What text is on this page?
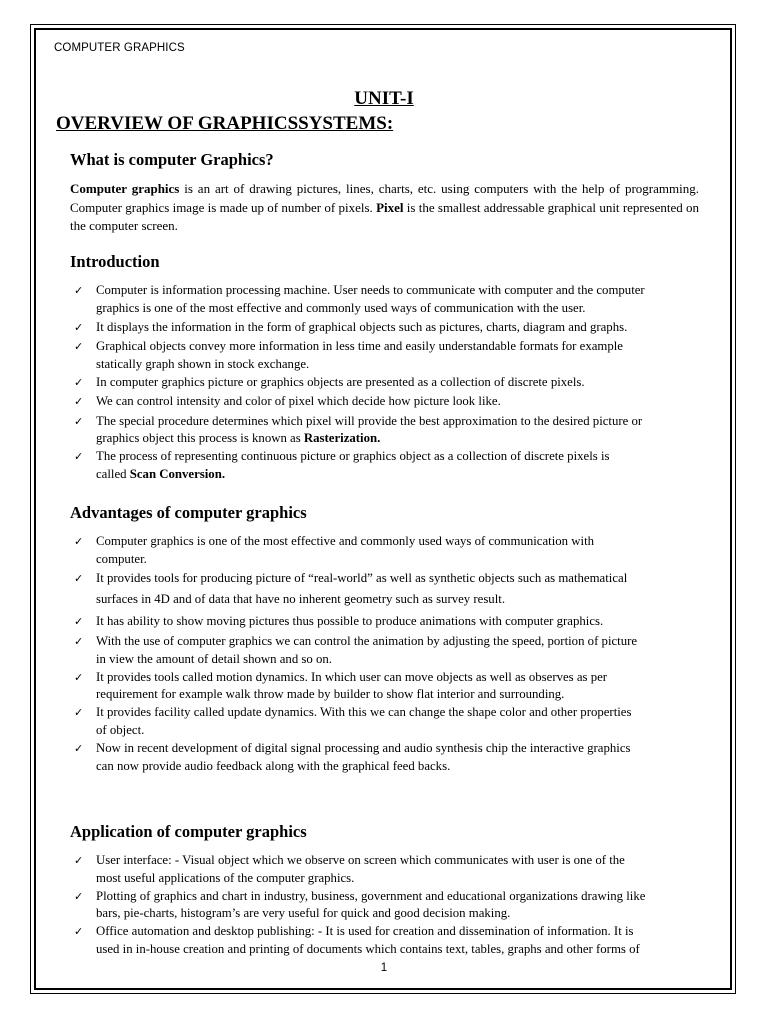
COMPUTER GRAPHICS
UNIT-I
OVERVIEW OF GRAPHICSSYSTEMS:
What is computer Graphics?

Computer graphics is an art of drawing pictures, lines, charts, etc. using computers with the help of programming. Computer graphics image is made up of number of pixels. Pixel is the smallest addressable graphical unit represented on the computer screen.

Introduction
✓ Computer is information processing machine. User needs to communicate with computer and the computer
graphics is one of the most effective and commonly used ways of communication with the user.
✓ It displays the information in the form of graphical objects such as pictures, charts, diagram and graphs.
✓ Graphical objects convey more information in less time and easily understandable formats for example
statically graph shown in stock exchange.
✓ In computer graphics picture or graphics objects are presented as a collection of discrete pixels.
✓ We can control intensity and color of pixel which decide how picture look like.
✓ The special procedure determines which pixel will provide the best approximation to the desired picture or
graphics object this process is known as Rasterization.
✓ The process of representing continuous picture or graphics object as a collection of discrete pixels is
called Scan Conversion.
Advantages of computer graphics
✓ Computer graphics is one of the most effective and commonly used ways of communication with
computer.
✓ It provides tools for producing picture of “real-world” as well as synthetic objects such as mathematical
surfaces in 4D and of data that have no inherent geometry such as survey result.
✓ It has ability to show moving pictures thus possible to produce animations with computer graphics.
✓ With the use of computer graphics we can control the animation by adjusting the speed, portion of picture
in view the amount of detail shown and so on.
✓ It provides tools called motion dynamics. In which user can move objects as well as observes as per
requirement for example walk throw made by builder to show flat interior and surrounding.
✓ It provides facility called update dynamics. With this we can change the shape color and other properties
of object.
✓ Now in recent development of digital signal processing and audio synthesis chip the interactive graphics
can now provide audio feedback along with the graphical feed backs.
Application of computer graphics
✓ User interface: - Visual object which we observe on screen which communicates with user is one of the
most useful applications of the computer graphics.
✓ Plotting of graphics and chart in industry, business, government and educational organizations drawing like
bars, pie-charts, histogram’s are very useful for quick and good decision making.
✓ Office automation and desktop publishing: - It is used for creation and dissemination of information. It is
used in in-house creation and printing of documents which contains text, tables, graphs and other forms of
1
